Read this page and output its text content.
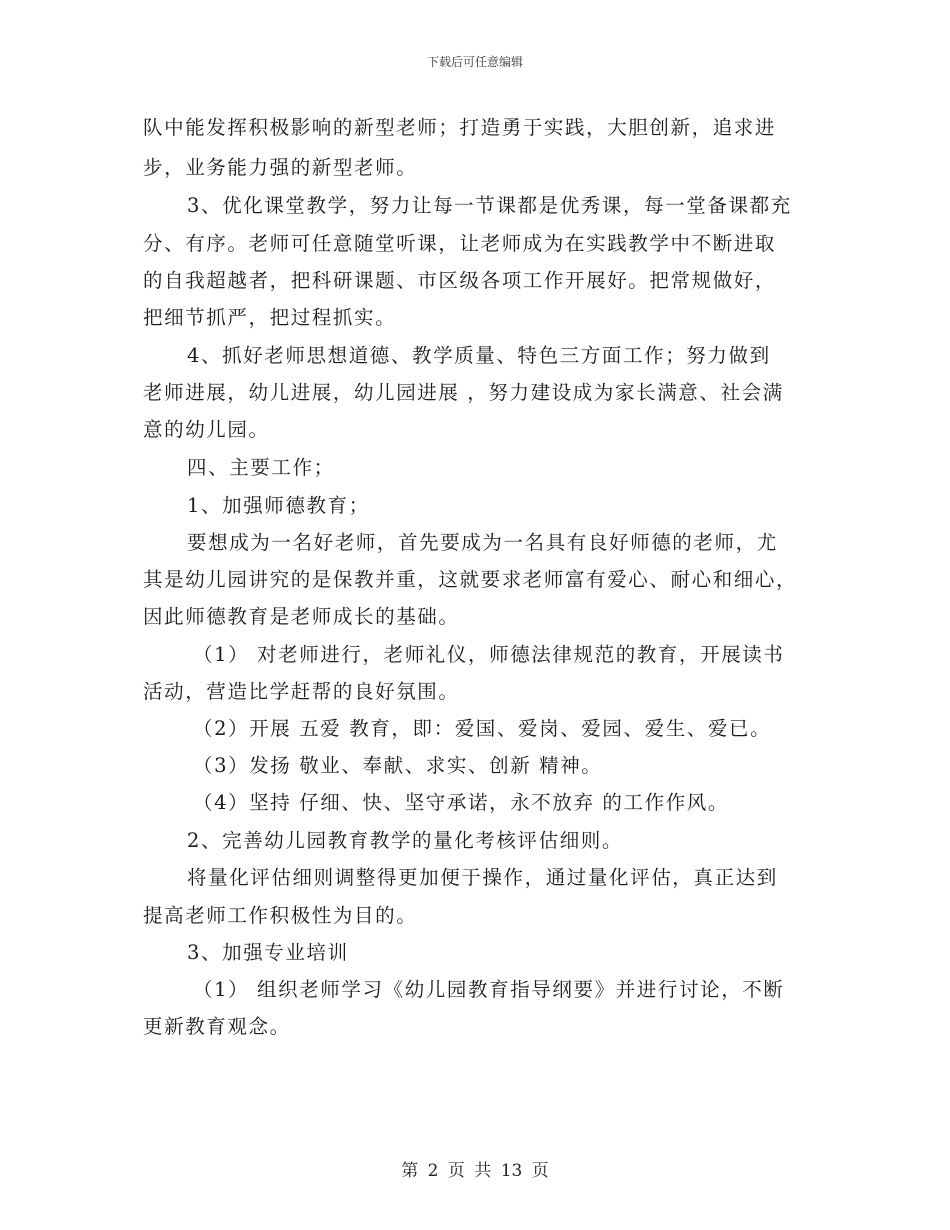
下载后可任意编辑
队中能发挥积极影响的新型老师；打造勇于实践，大胆创新，追求进
步，业务能力强的新型老师。
3、优化课堂教学，努力让每一节课都是优秀课，每一堂备课都充
分、有序。老师可任意随堂听课，让老师成为在实践教学中不断进取
的自我超越者，把科研课题、市区级各项工作开展好。把常规做好，
把细节抓严，把过程抓实。
4、抓好老师思想道德、教学质量、特色三方面工作；努力做到
老师进展，幼儿进展，幼儿园进展 ，努力建设成为家长满意、社会满
意的幼儿园。
四、主要工作；
1、加强师德教育；
要想成为一名好老师，首先要成为一名具有良好师德的老师，尤
其是幼儿园讲究的是保教并重，这就要求老师富有爱心、耐心和细心，
因此师德教育是老师成长的基础。
（1） 对老师进行，老师礼仪，师德法律规范的教育，开展读书
活动，营造比学赶帮的良好氛围。
（2）开展 五爱 教育，即：爱国、爱岗、爱园、爱生、爱已。
（3）发扬 敬业、奉献、求实、创新 精神。
（4）坚持 仔细、快、坚守承诺，永不放弃 的工作作风。
2、完善幼儿园教育教学的量化考核评估细则。
将量化评估细则调整得更加便于操作，通过量化评估，真正达到
提高老师工作积极性为目的。
3、加强专业培训
（1） 组织老师学习《幼儿园教育指导纲要》并进行讨论，不断
更新教育观念。
第 2 页 共 13 页
